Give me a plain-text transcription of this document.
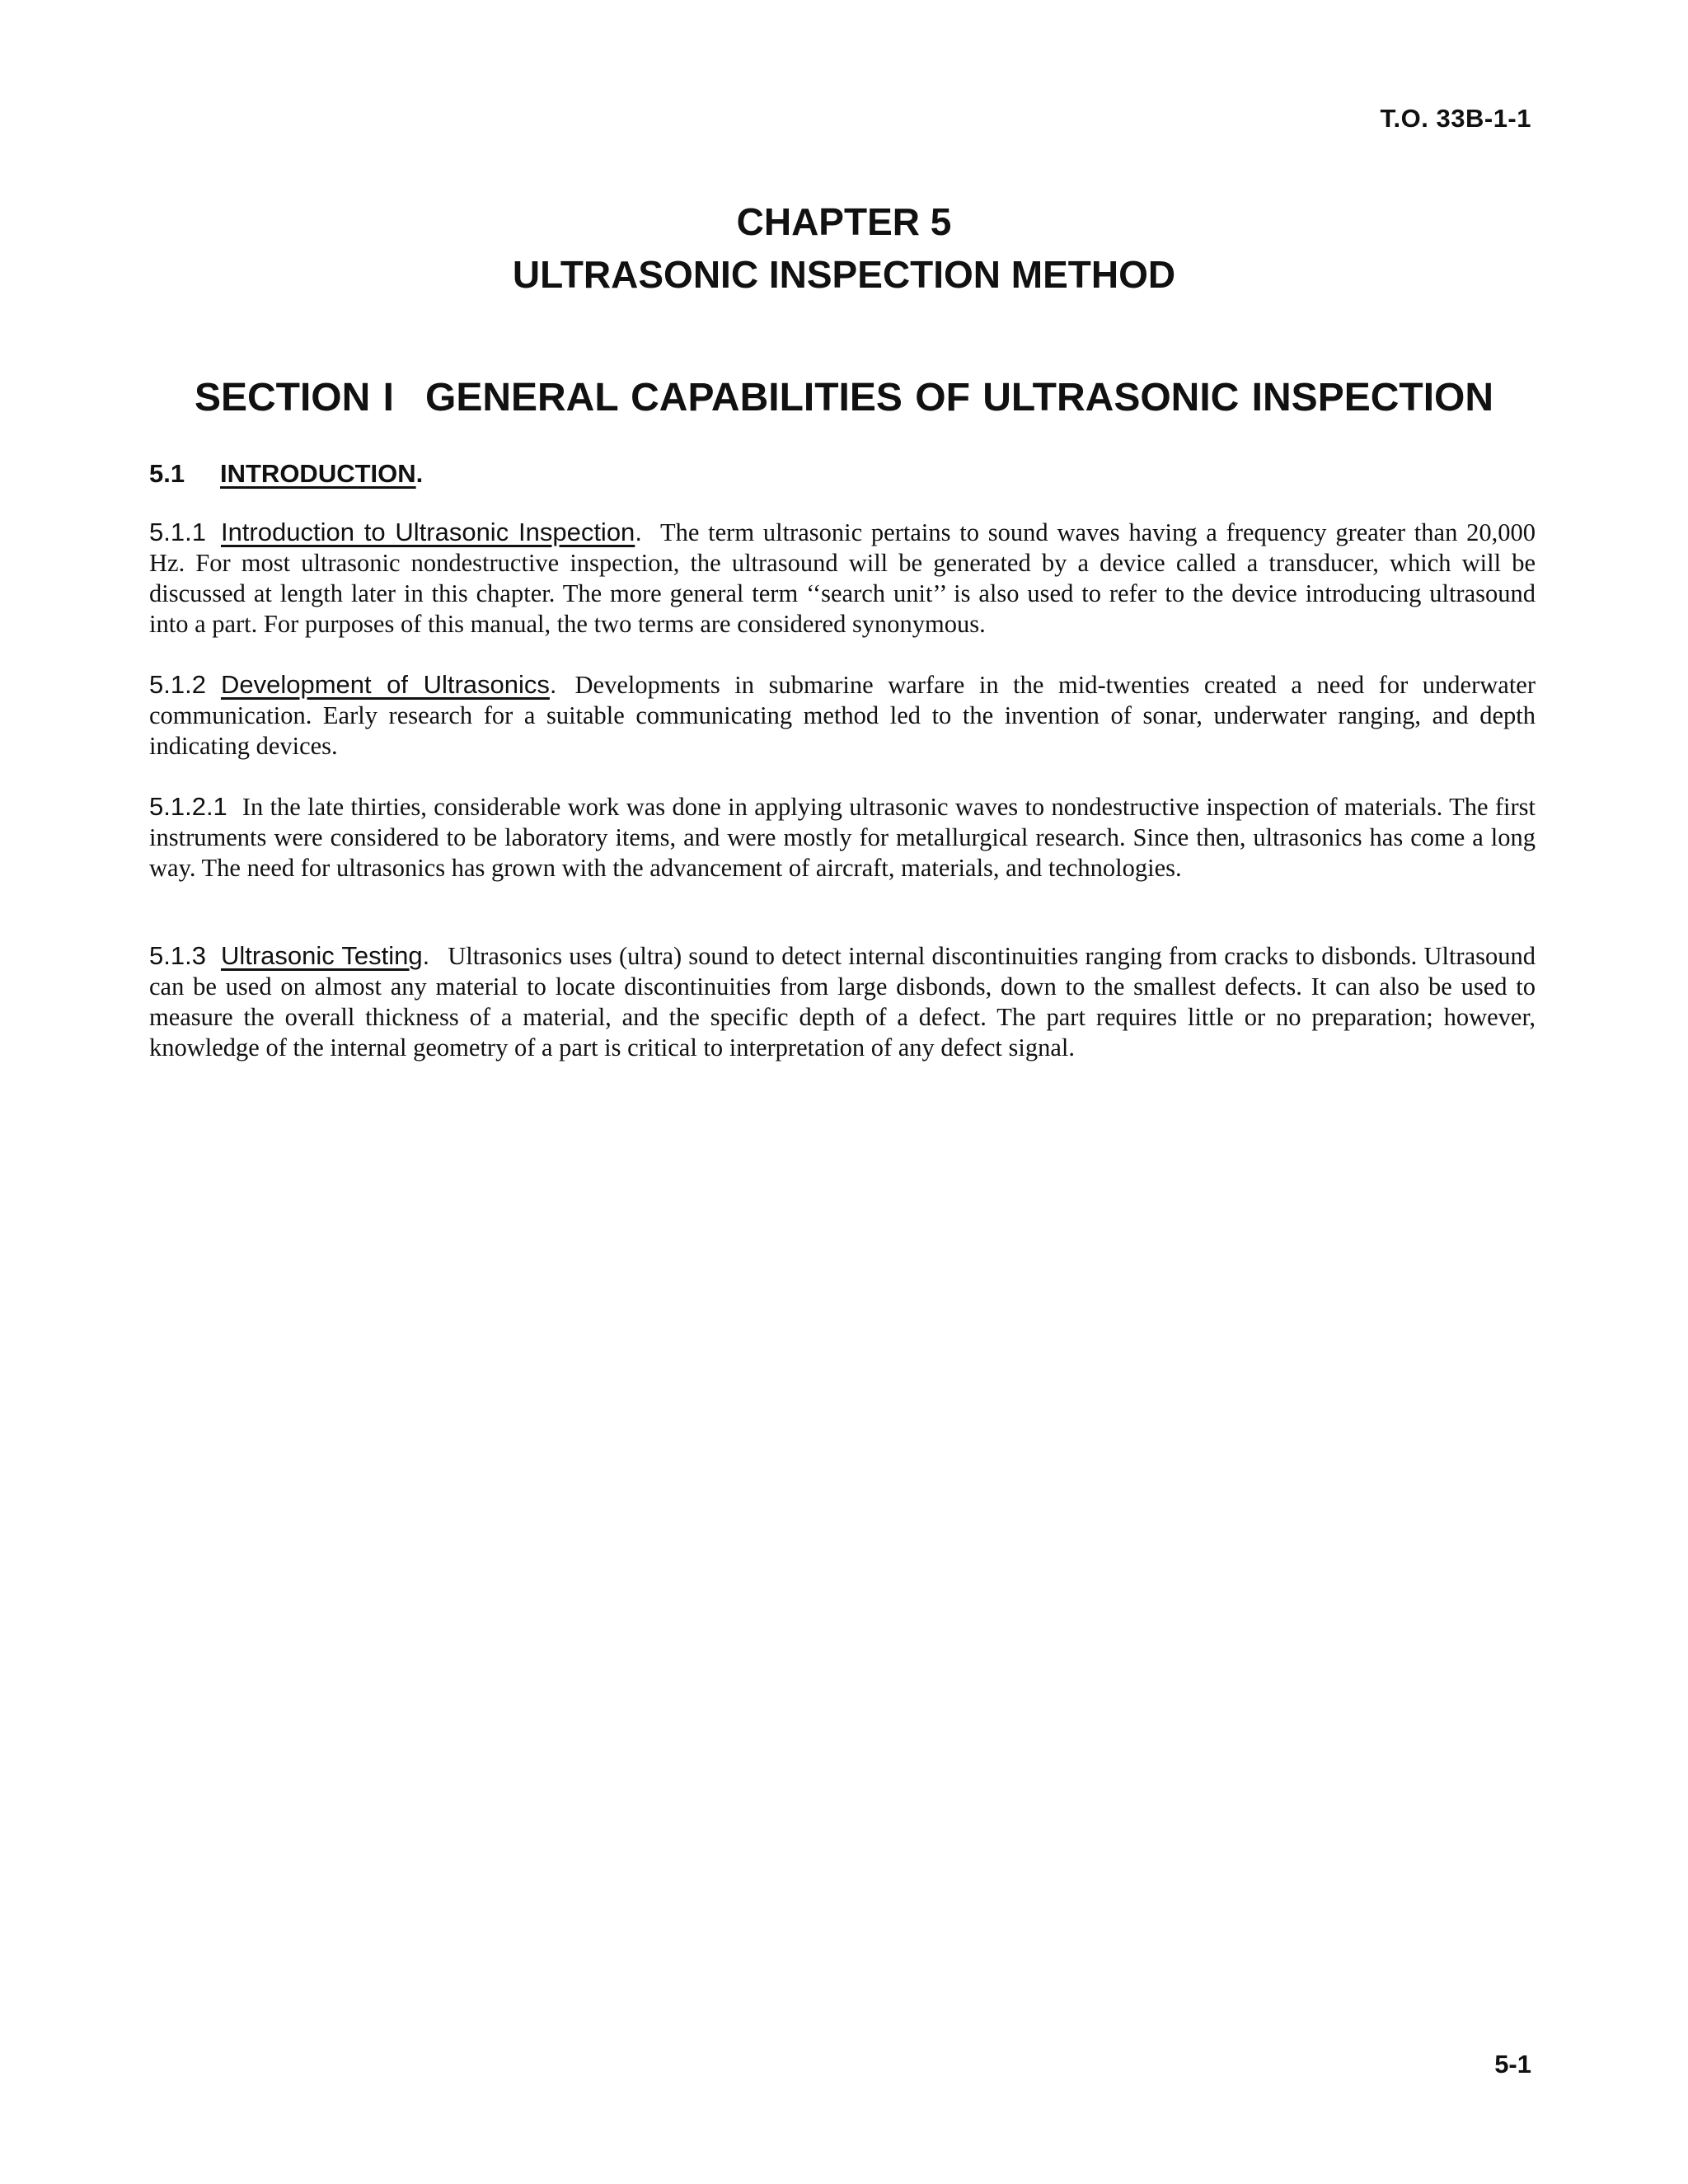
T.O. 33B-1-1
CHAPTER 5
ULTRASONIC INSPECTION METHOD
SECTION I GENERAL CAPABILITIES OF ULTRASONIC INSPECTION
5.1 INTRODUCTION.
5.1.1 Introduction to Ultrasonic Inspection. The term ultrasonic pertains to sound waves having a frequency greater than 20,000 Hz. For most ultrasonic nondestructive inspection, the ultrasound will be generated by a device called a transducer, which will be discussed at length later in this chapter. The more general term ‘‘search unit’’ is also used to refer to the device introducing ultrasound into a part. For purposes of this manual, the two terms are considered synonymous.
5.1.2 Development of Ultrasonics. Developments in submarine warfare in the mid-twenties created a need for underwater communication. Early research for a suitable communicating method led to the invention of sonar, underwater ranging, and depth indicating devices.
5.1.2.1 In the late thirties, considerable work was done in applying ultrasonic waves to nondestructive inspection of materials. The first instruments were considered to be laboratory items, and were mostly for metallurgical research. Since then, ultrasonics has come a long way. The need for ultrasonics has grown with the advancement of aircraft, materials, and technologies.
5.1.3 Ultrasonic Testing. Ultrasonics uses (ultra) sound to detect internal discontinuities ranging from cracks to disbonds. Ultrasound can be used on almost any material to locate discontinuities from large disbonds, down to the smallest defects. It can also be used to measure the overall thickness of a material, and the specific depth of a defect. The part requires little or no preparation; however, knowledge of the internal geometry of a part is critical to interpretation of any defect signal.
5-1
